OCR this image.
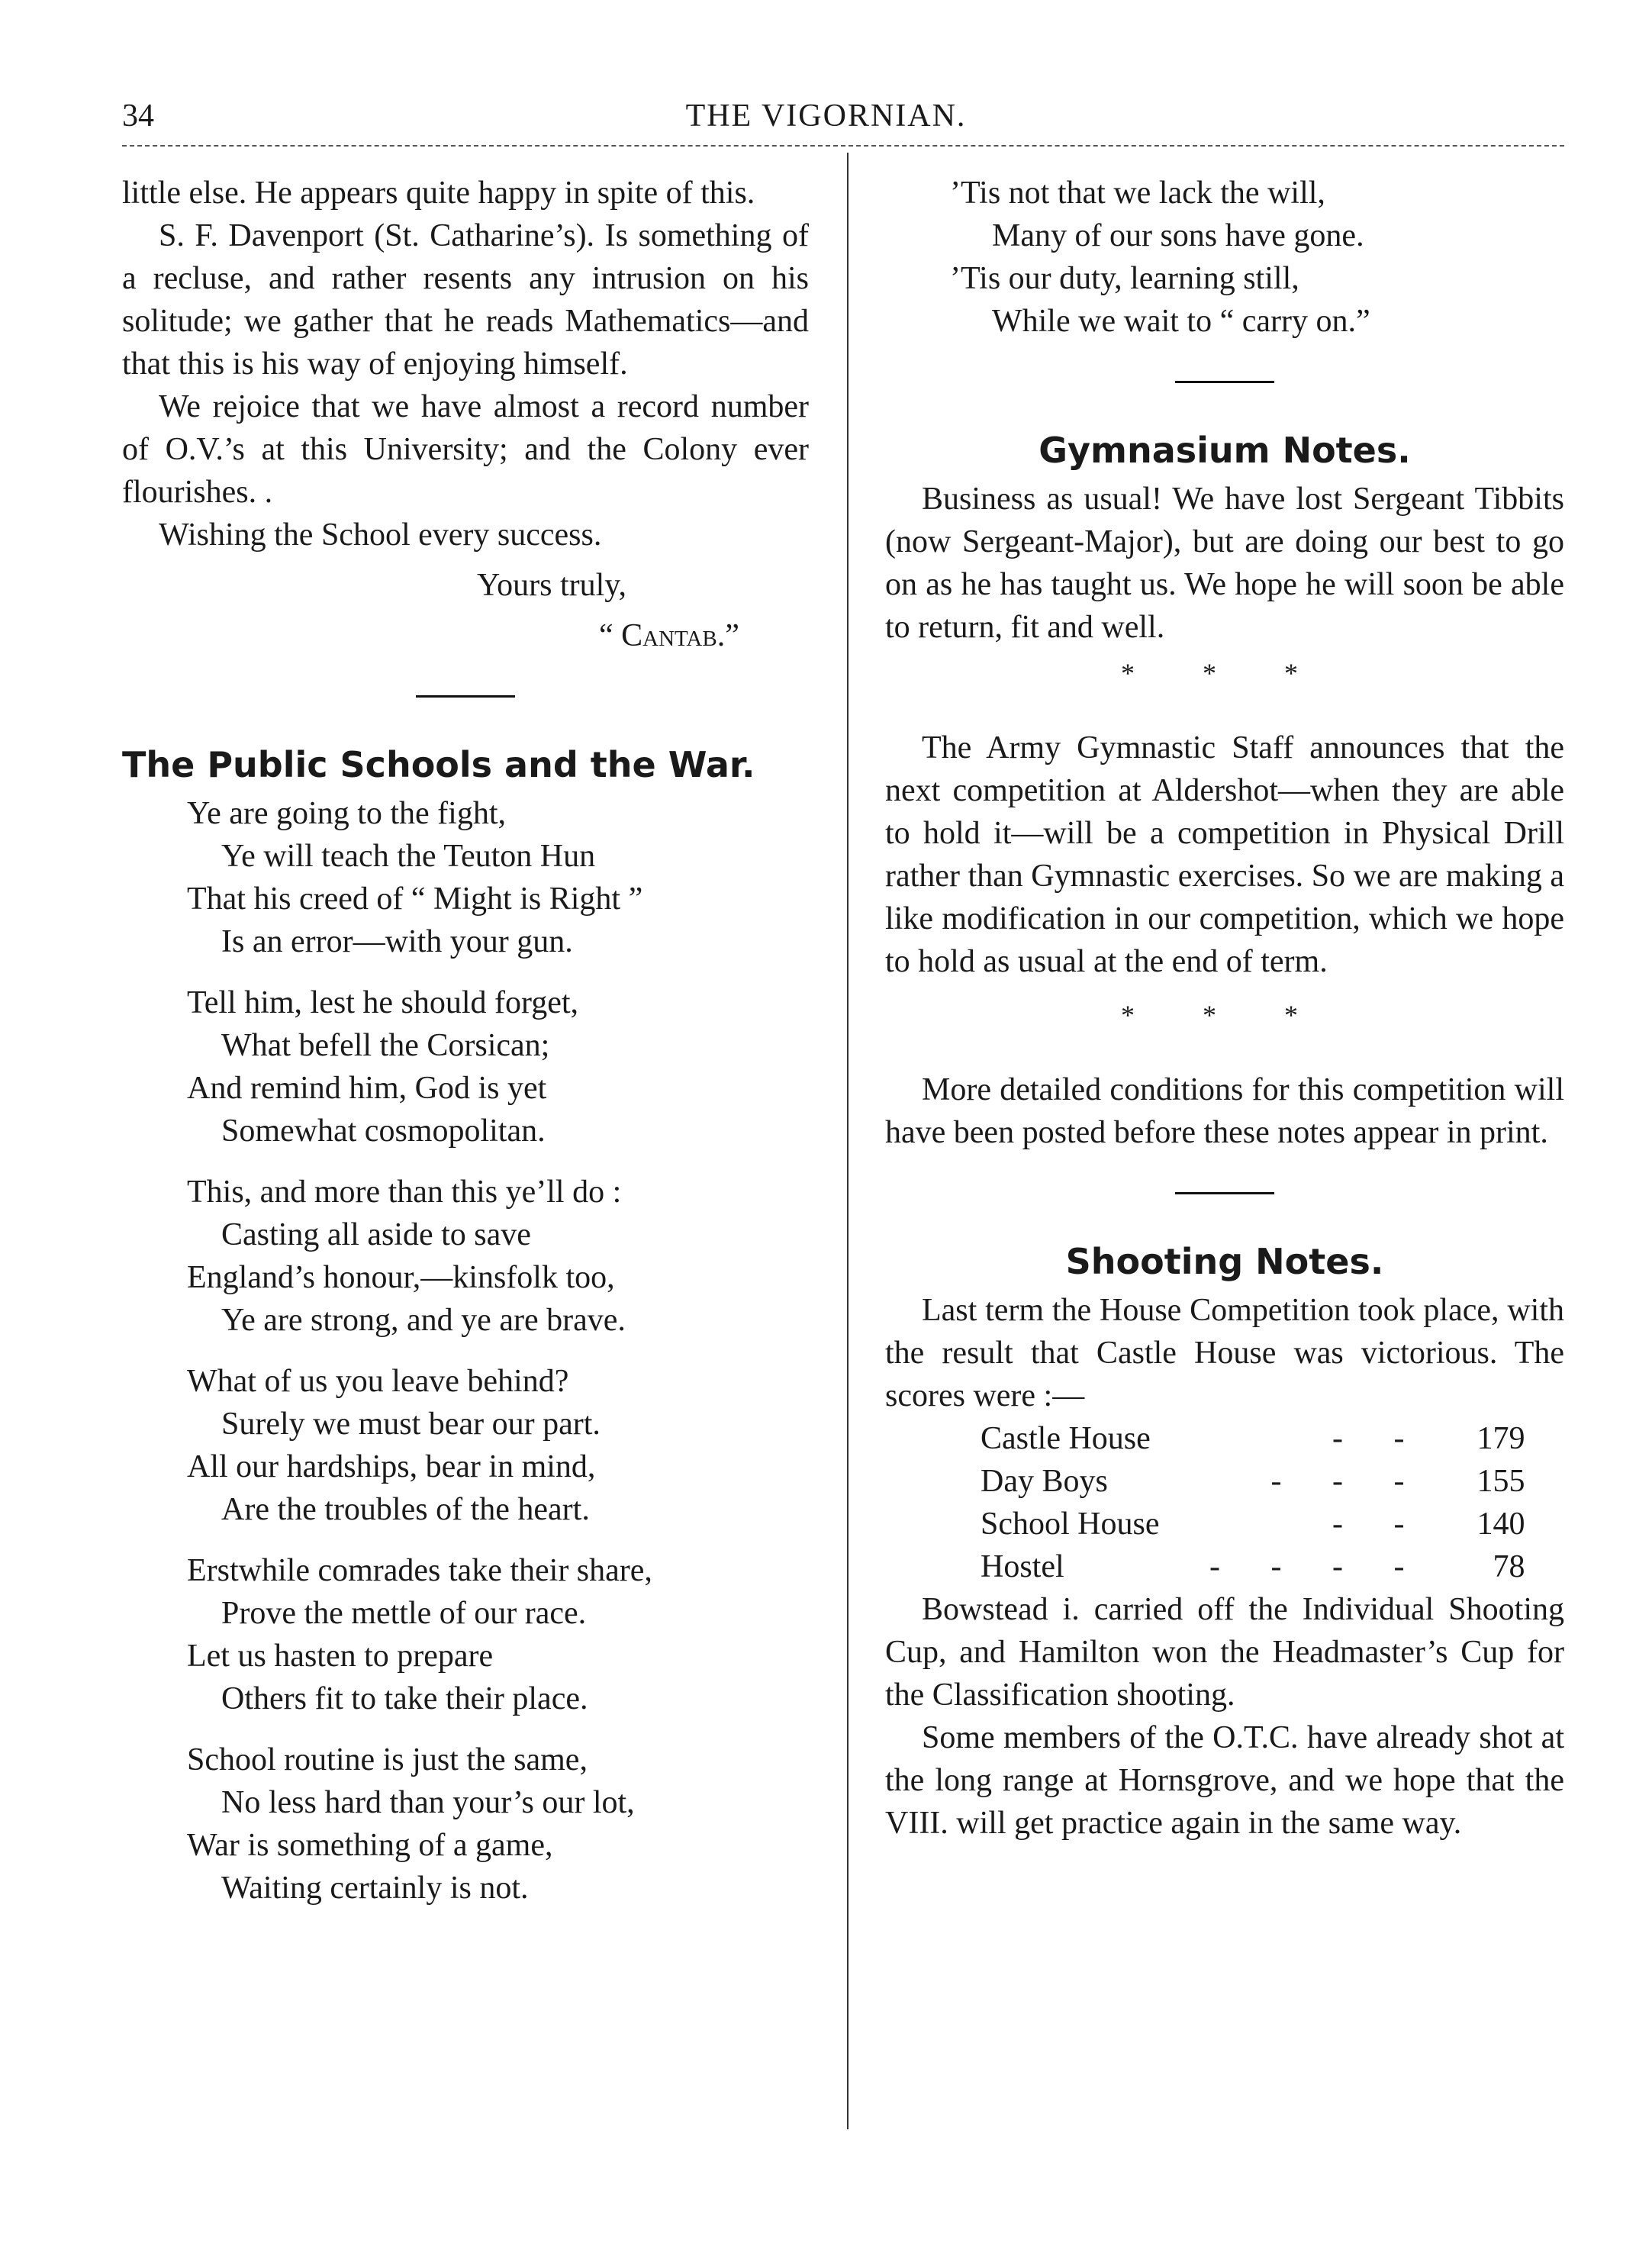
34	THE VIGORNIAN.

little else. He appears quite happy in spite of this.

S. F. Davenport (St. Catharine’s). Is something of a recluse, and rather resents any intrusion on his solitude; we gather that he reads Mathematics—and that this is his way of enjoying himself.

We rejoice that we have almost a record number of O.V.’s at this University; and the Colony ever flourishes. .

Wishing the School every success.

Yours truly,

“ Cantab.”

The Public Schools and the War.
Ye are going to the fight,
Ye will teach the Teuton Hun
That his creed of “ Might is Right ”
Is an error—with your gun.
Tell him, lest he should forget,
What befell the Corsican;
And remind him, God is yet
Somewhat cosmopolitan.
This, and more than this ye’ll do :
Casting all aside to save
England’s honour,—kinsfolk too,
Ye are strong, and ye are brave.
What of us you leave behind?
Surely we must bear our part.
All our hardships, bear in mind,
Are the troubles of the heart.
Erstwhile comrades take their share,
Prove the mettle of our race.
Let us hasten to prepare
Others fit to take their place.
School routine is just the same,
No less hard than your’s our lot,
War is something of a game,
Waiting certainly is not.
’Tis not that we lack the will,
Many of our sons have gone.
’Tis our duty, learning still,
While we wait to “ carry on.”
Gymnasium Notes.

Business as usual! We have lost Sergeant Tibbits (now Sergeant-Major), but are doing our best to go on as he has taught us. We hope he will soon be able to return, fit and well.

* * *

The Army Gymnastic Staff announces that the next competition at Aldershot—when they are able to hold it—will be a competition in Physical Drill rather than Gymnastic exercises. So we are making a like modification in our competition, which we hope to hold as usual at the end of term.

* * *

More detailed conditions for this competition will have been posted before these notes appear in print.

Shooting Notes.

Last term the House Competition took place, with the result that Castle House was victorious. The scores were :—

Castle House	- -	179
Day Boys	- - -	155
School House	- -	140
Hostel	- - - -	78

Bowstead i. carried off the Individual Shooting Cup, and Hamilton won the Headmaster’s Cup for the Classification shooting.

Some members of the O.T.C. have already shot at the long range at Hornsgrove, and we hope that the VIII. will get practice again in the same way.
